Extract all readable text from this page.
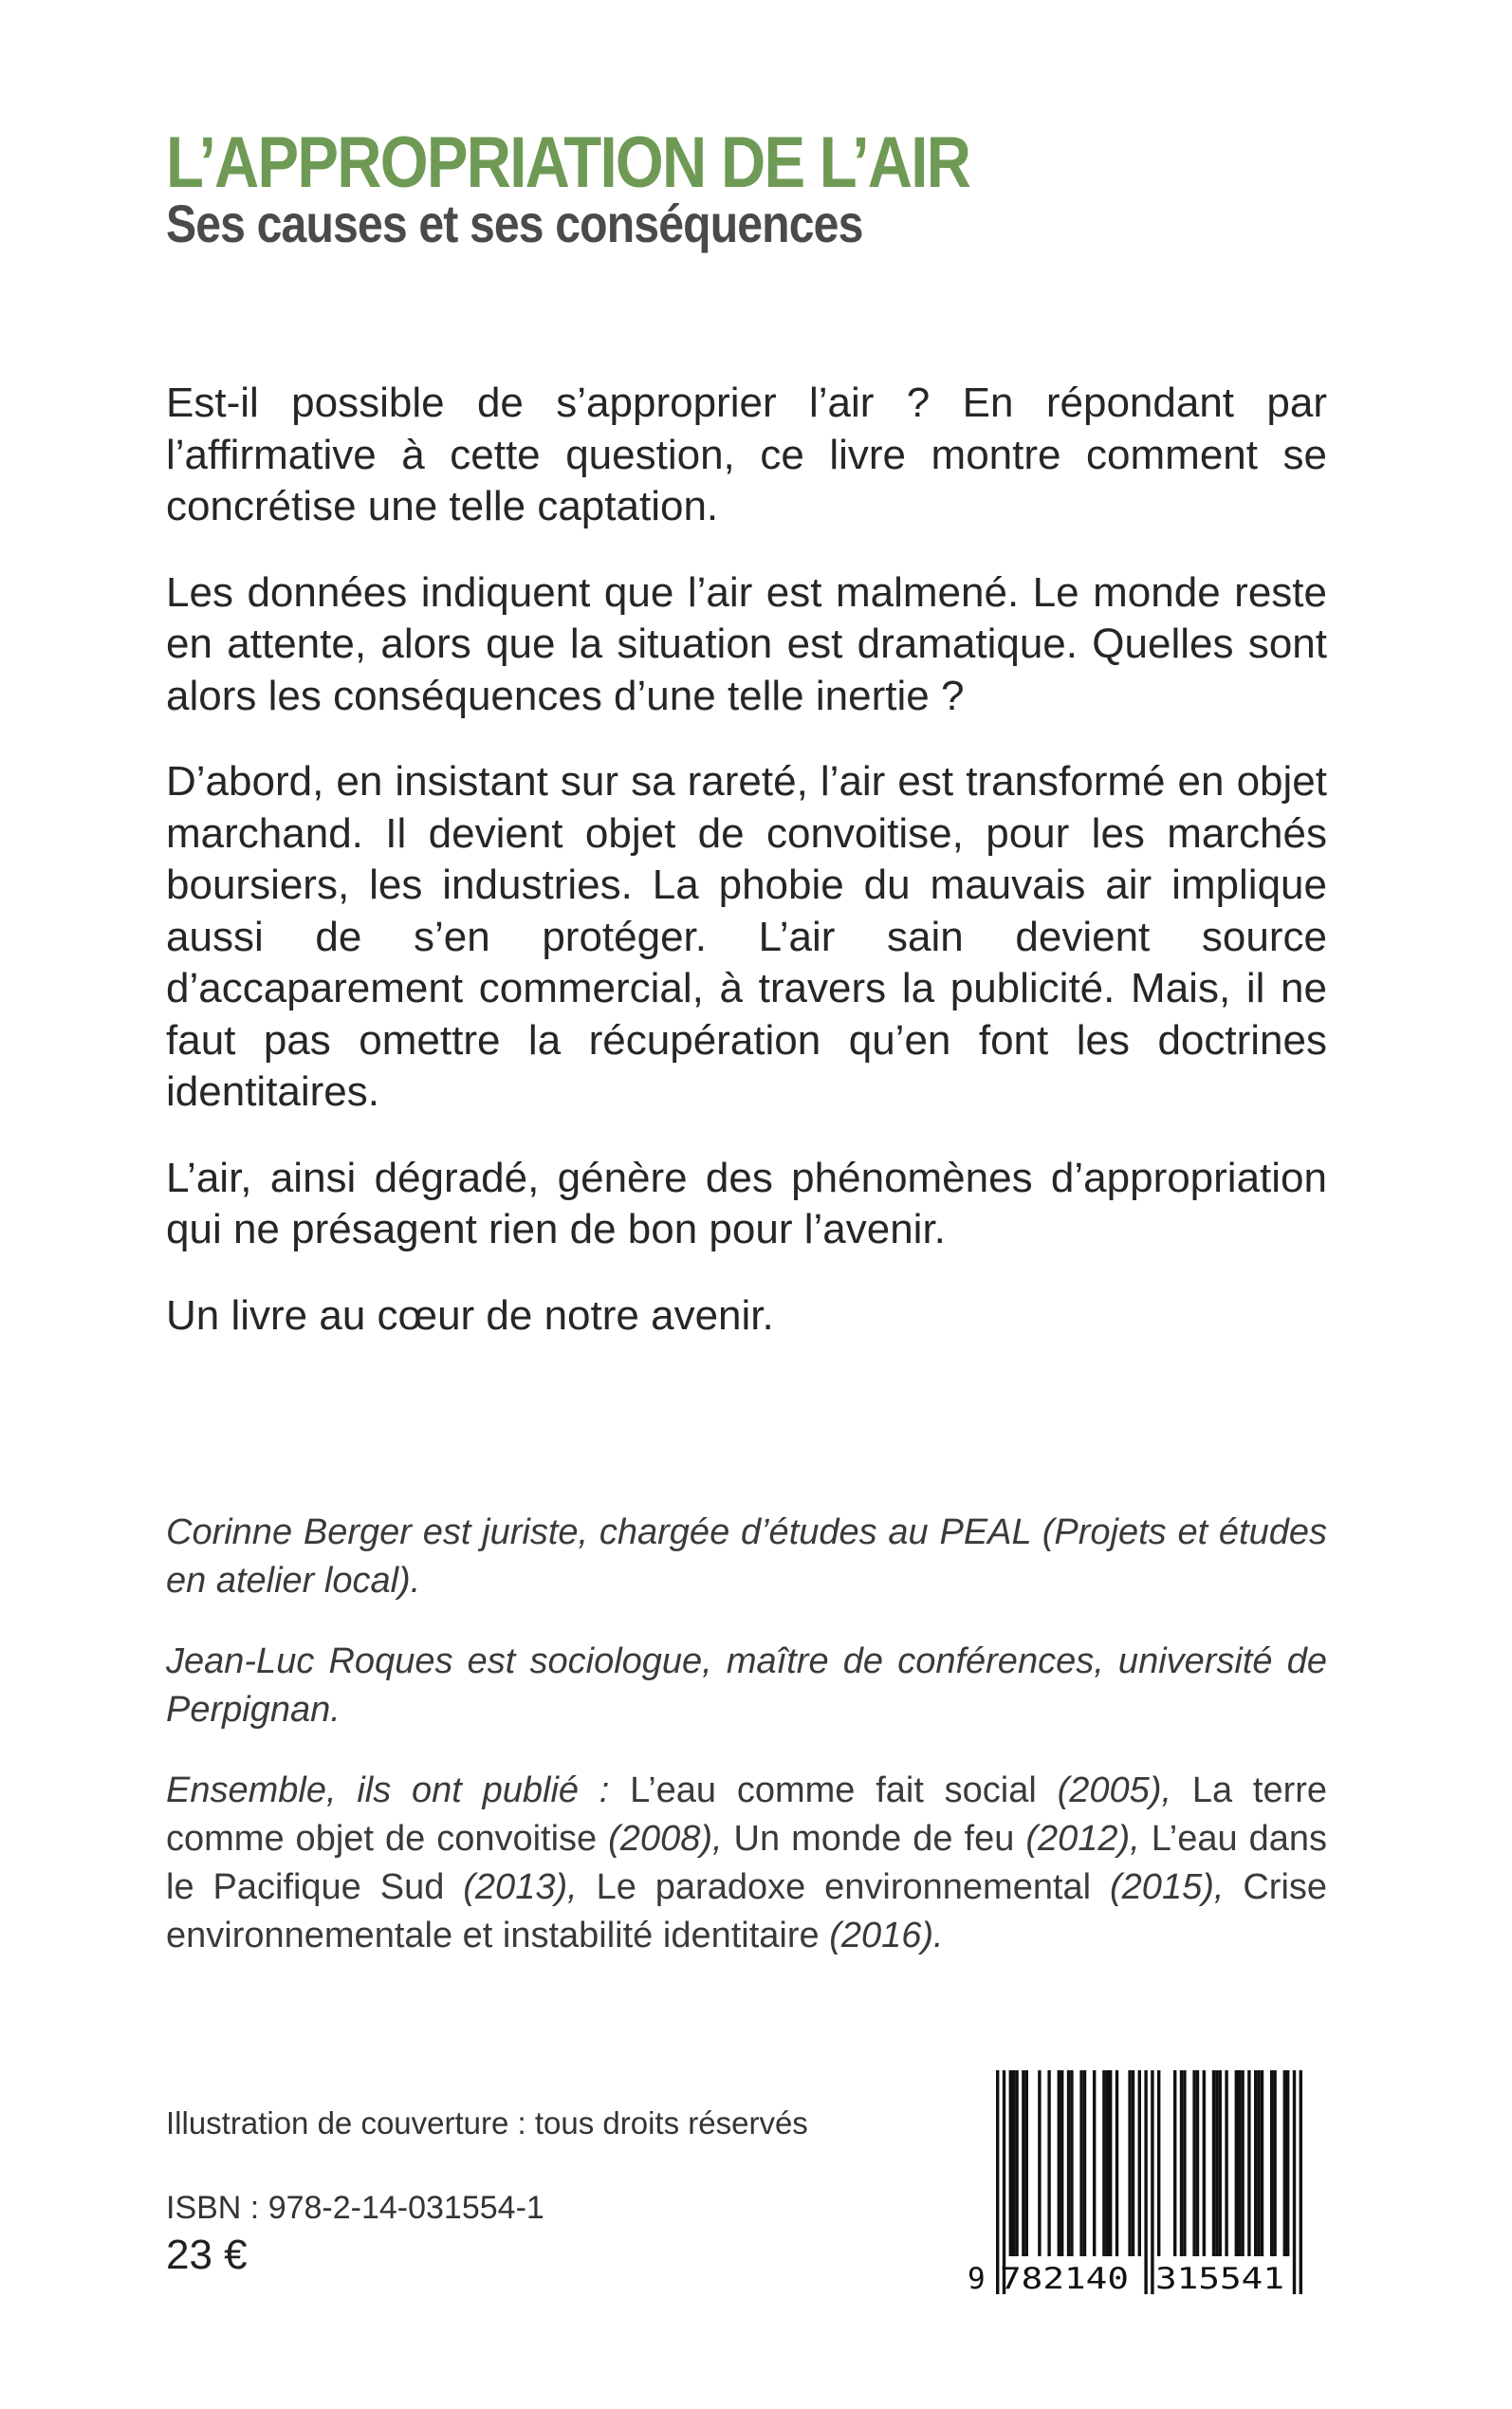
L’APPROPRIATION DE L’AIR
Ses causes et ses conséquences

Est-il possible de s’approprier l’air ? En répondant par l’affirmative à cette question, ce livre montre comment se concrétise une telle captation.

Les données indiquent que l’air est malmené. Le monde reste en attente, alors que la situation est dramatique. Quelles sont alors les conséquences d’une telle inertie ?

D’abord, en insistant sur sa rareté, l’air est transformé en objet marchand. Il devient objet de convoitise, pour les marchés boursiers, les industries. La phobie du mauvais air implique aussi de s’en protéger. L’air sain devient source d’accaparement commercial, à travers la publicité. Mais, il ne faut pas omettre la récupération qu’en font les doctrines identitaires.

L’air, ainsi dégradé, génère des phénomènes d’appropriation qui ne présagent rien de bon pour l’avenir.

Un livre au cœur de notre avenir.

Corinne Berger est juriste, chargée d’études au PEAL (Projets et études en atelier local).

Jean-Luc Roques est sociologue, maître de conférences, université de Perpignan.

Ensemble, ils ont publié : L’eau comme fait social (2005), La terre comme objet de convoitise (2008), Un monde de feu (2012), L’eau dans le Pacifique Sud (2013), Le paradoxe environnemental (2015), Crise environnementale et instabilité identitaire (2016).

Illustration de couverture : tous droits réservés
ISBN : 978-2-14-031554-1
23 €
9 782140 315541
